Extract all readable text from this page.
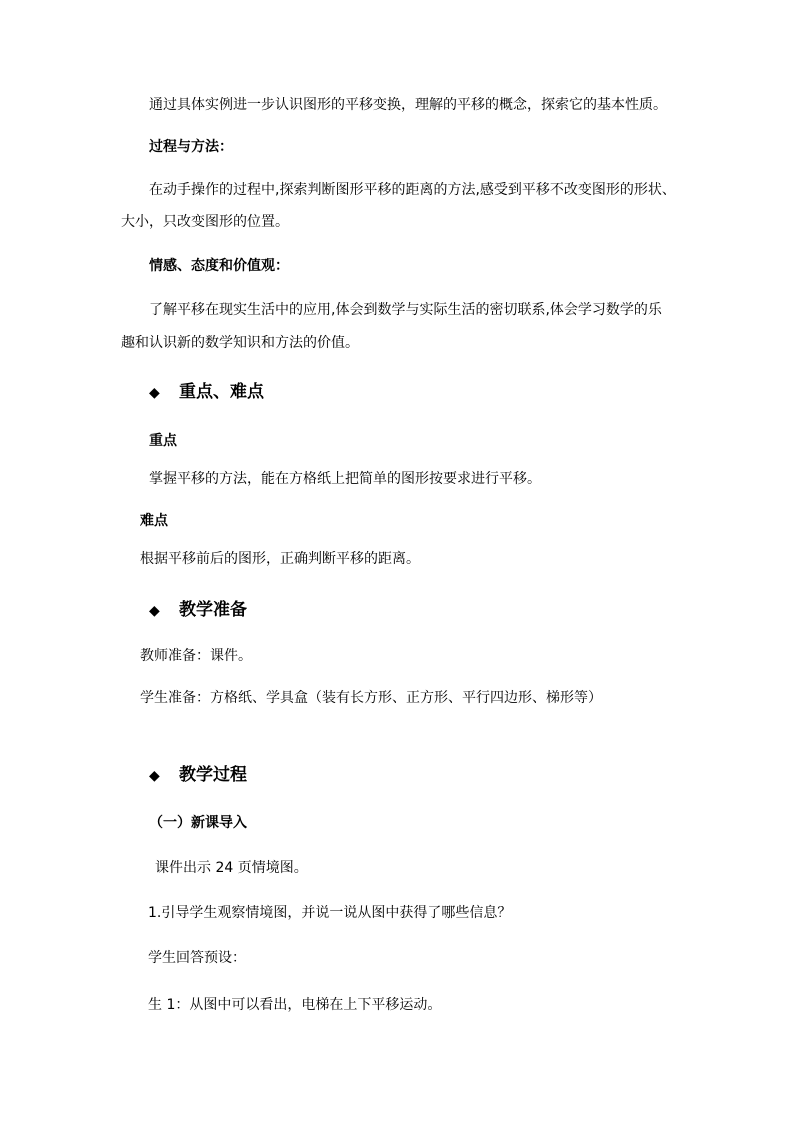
通过具体实例进一步认识图形的平移变换，理解的平移的概念，探索它的基本性质。
过程与方法：
在动手操作的过程中,探索判断图形平移的距离的方法,感受到平移不改变图形的形状、
大小，只改变图形的位置。
情感、态度和价值观：
了解平移在现实生活中的应用,体会到数学与实际生活的密切联系,体会学习数学的乐
趣和认识新的数学知识和方法的价值。
◆ 重点、难点
重点
掌握平移的方法，能在方格纸上把简单的图形按要求进行平移。
难点
根据平移前后的图形，正确判断平移的距离。
◆ 教学准备
教师准备：课件。
学生准备：方格纸、学具盒（装有长方形、正方形、平行四边形、梯形等）
◆ 教学过程
（一）新课导入
课件出示 24 页情境图。
1.引导学生观察情境图，并说一说从图中获得了哪些信息？
学生回答预设：
生 1：从图中可以看出，电梯在上下平移运动。
